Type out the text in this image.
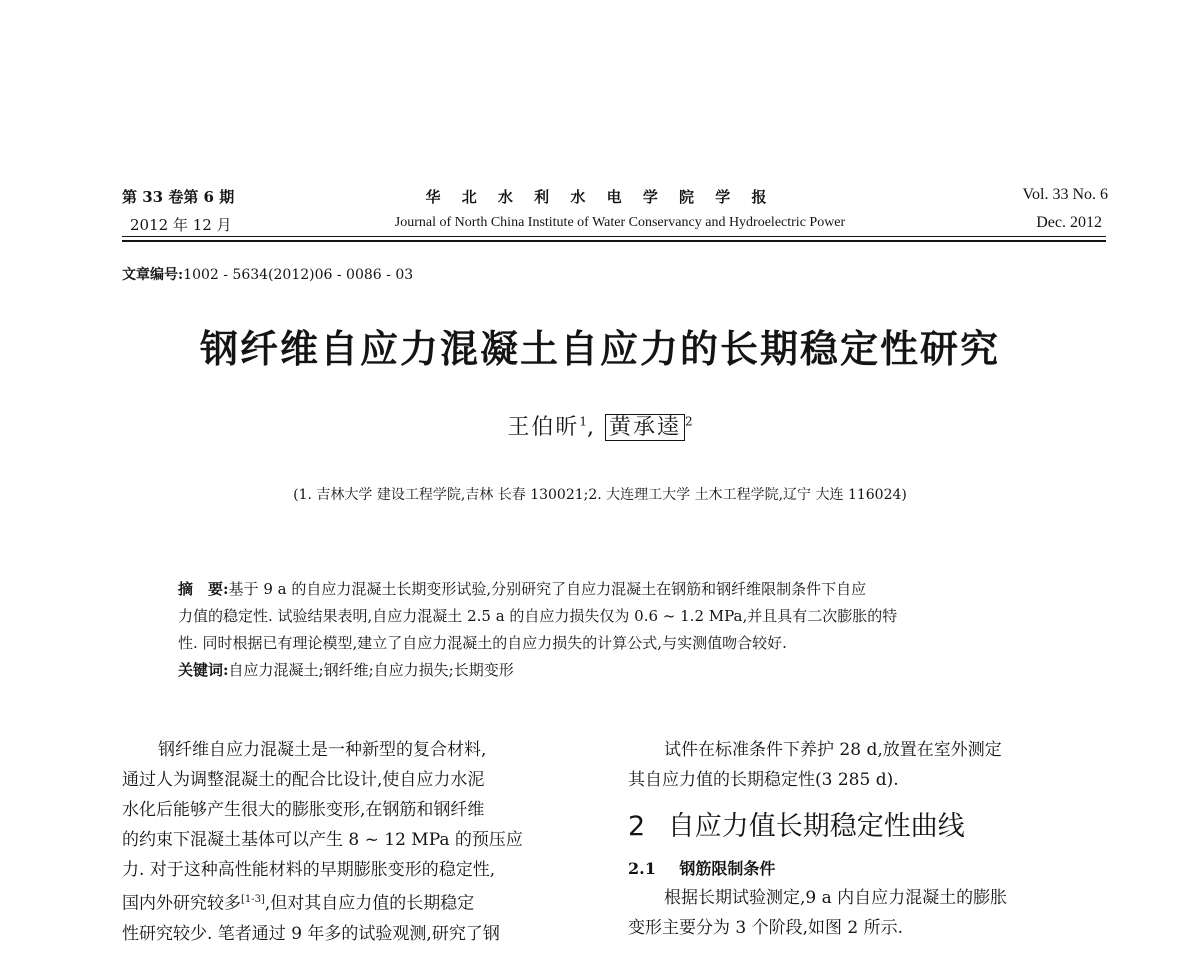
第 33 卷第 6 期
2012 年 12 月
华 北 水 利 水 电 学 院 学 报
Journal of North China Institute of Water Conservancy and Hydroelectric Power
Vol. 33 No. 6
Dec. 2012
文章编号:1002 - 5634(2012)06 - 0086 - 03
钢纤维自应力混凝土自应力的长期稳定性研究
王伯昕$^1$, 黄承逵 $^2$
(1. 吉林大学 建设工程学院,吉林 长春 130021;2. 大连理工大学 土木工程学院,辽宁 大连 116024)
摘　要:基于 9 a 的自应力混凝土长期变形试验,分别研究了自应力混凝土在钢筋和钢纤维限制条件下自应
力值的稳定性. 试验结果表明,自应力混凝土 2.5 a 的自应力损失仅为 0.6 ~ 1.2 MPa,并且具有二次膨胀的特
性. 同时根据已有理论模型,建立了自应力混凝土的自应力损失的计算公式,与实测值吻合较好.
关键词:自应力混凝土;钢纤维;自应力损失;长期变形
钢纤维自应力混凝土是一种新型的复合材料,
通过人为调整混凝土的配合比设计,使自应力水泥
水化后能够产生很大的膨胀变形,在钢筋和钢纤维
的约束下混凝土基体可以产生 8 ~ 12 MPa 的预压应
力. 对于这种高性能材料的早期膨胀变形的稳定性,
国内外研究较多[1-3],但对其自应力值的长期稳定
性研究较少. 笔者通过 9 年多的试验观测,研究了钢
试件在标准条件下养护 28 d,放置在室外测定
其自应力值的长期稳定性(3 285 d).
2 自应力值长期稳定性曲线
2.1 钢筋限制条件
根据长期试验测定,9 a 内自应力混凝土的膨胀
变形主要分为 3 个阶段,如图 2 所示.
